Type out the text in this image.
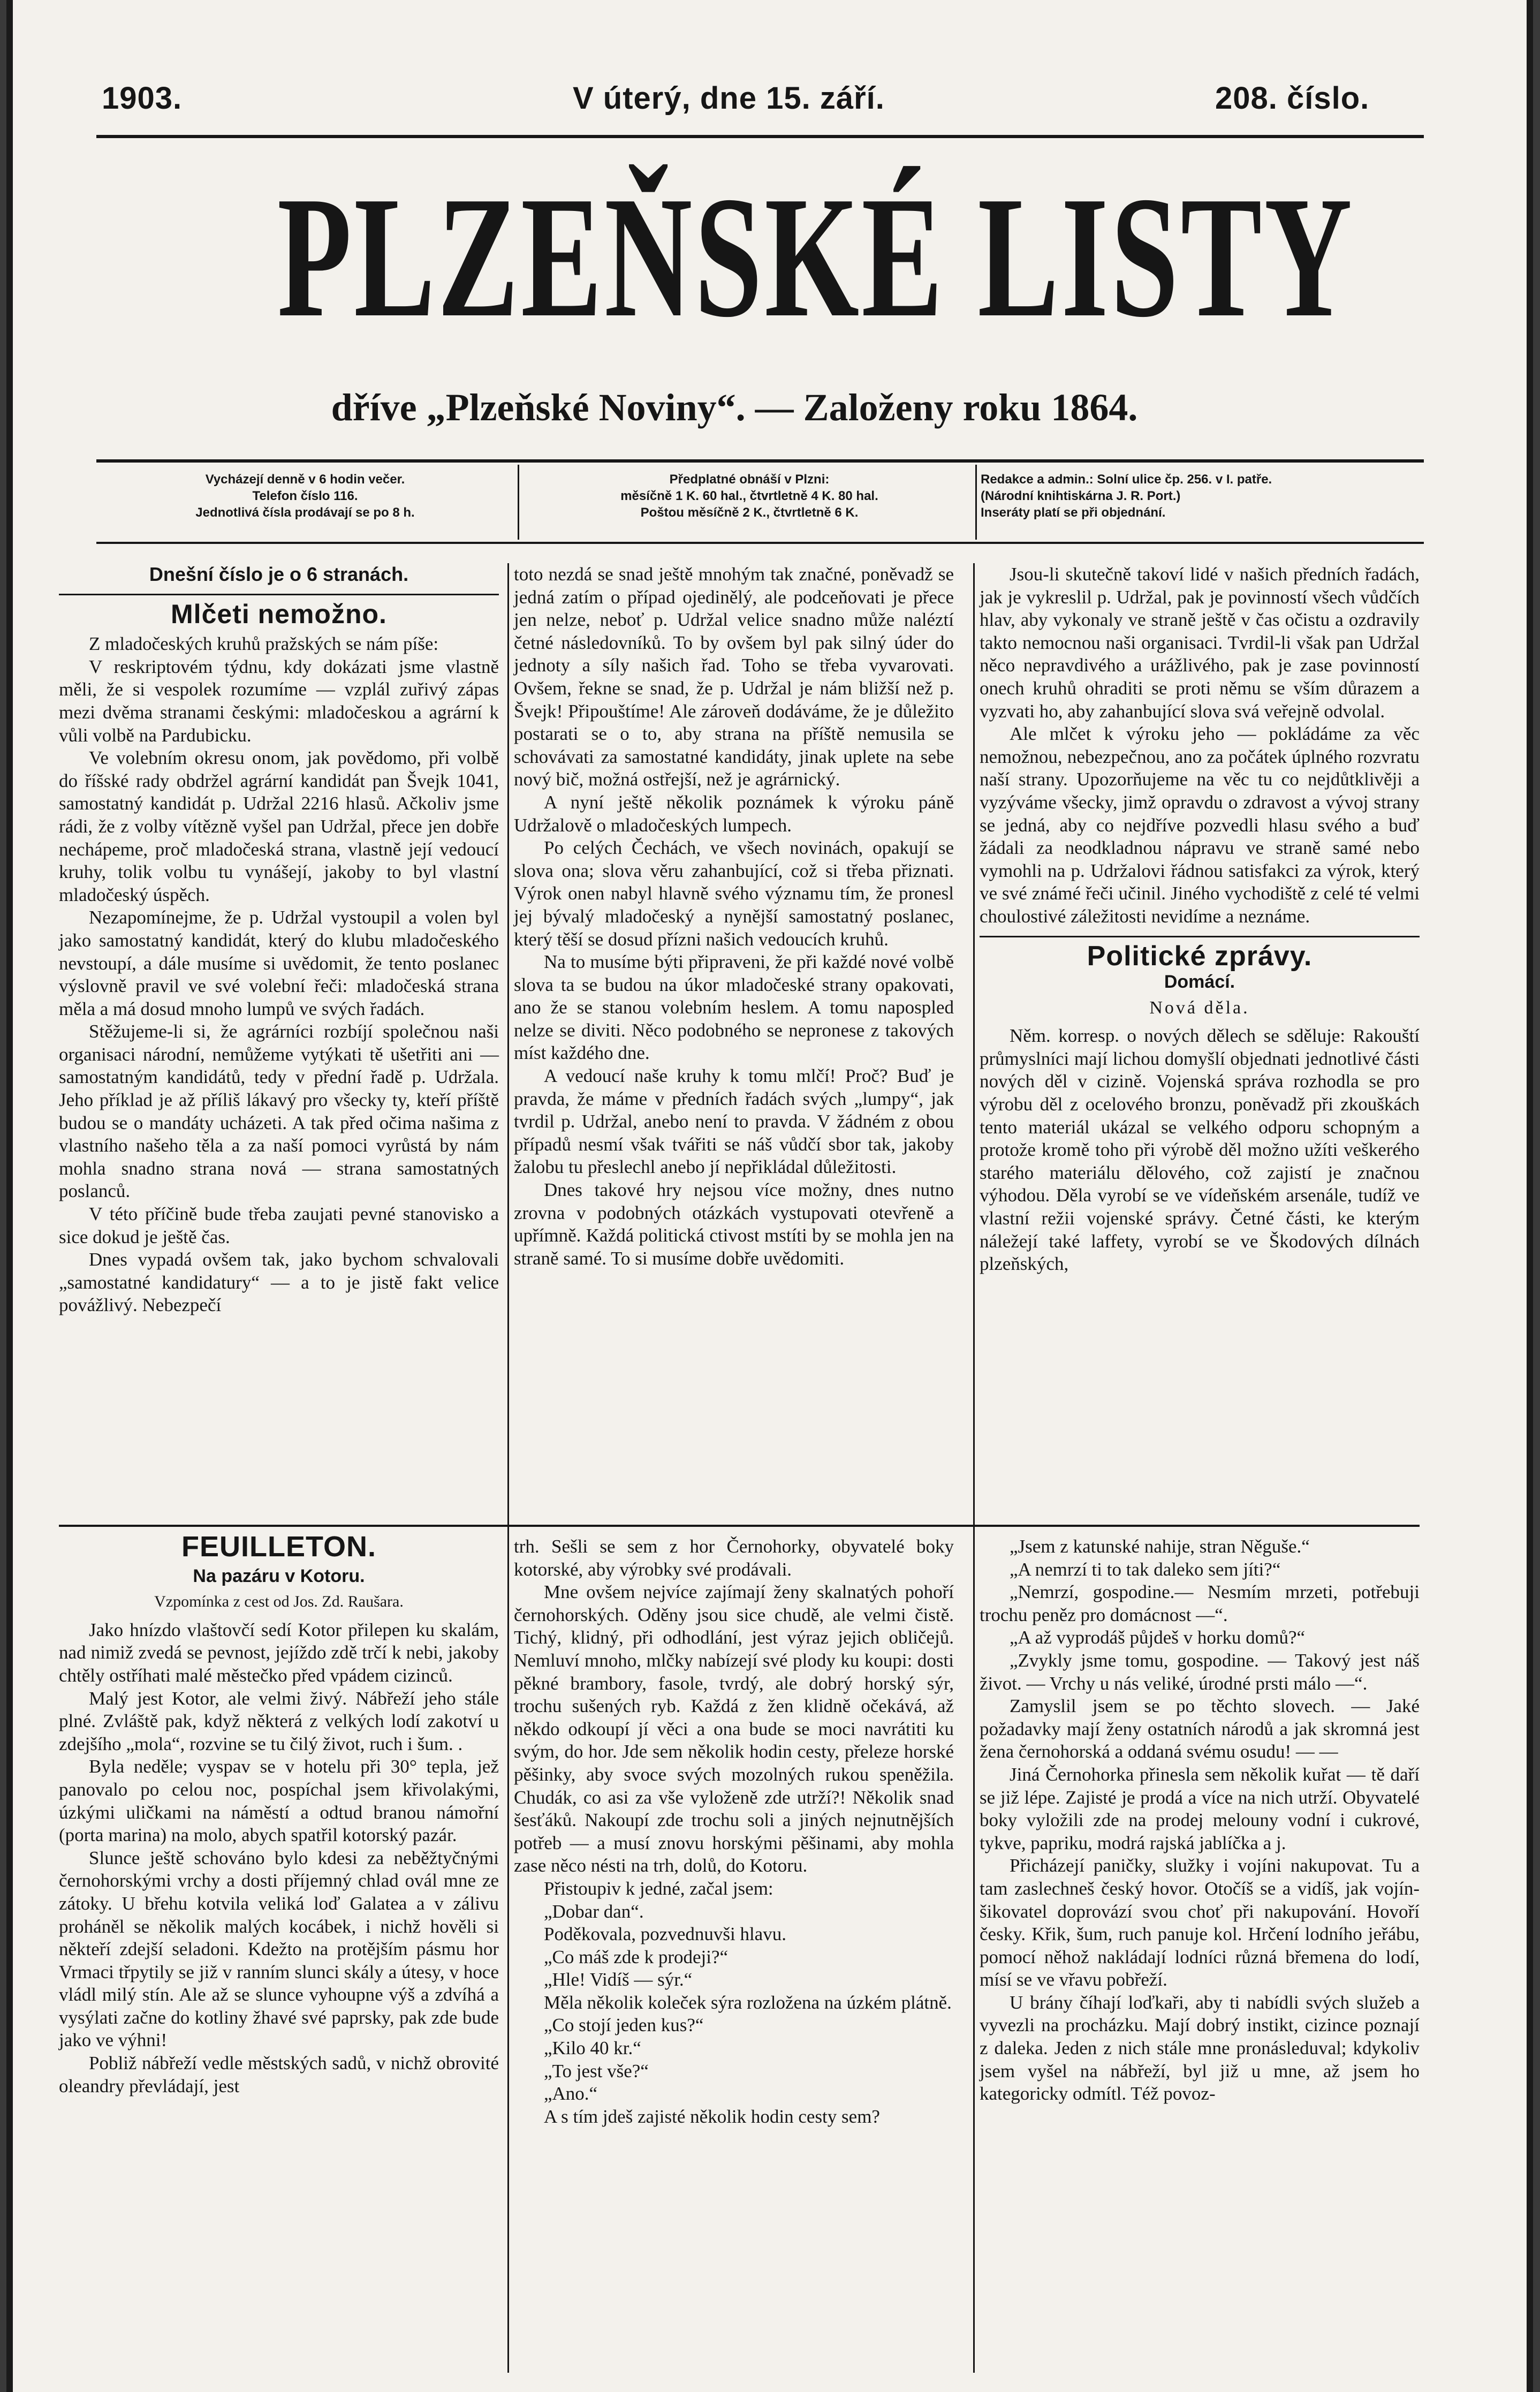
1903.	V úterý, dne 15. září.	208. číslo.
PLZEŇSKÉ LISTY
dříve „Plzeňské Noviny“. — Založeny roku 1864.
Vycházejí denně v 6 hodin večer.
Telefon číslo 116.
Jednotlivá čísla prodávají se po 8 h.
Předplatné obnáší v Plzni:
měsíčně 1 K. 60 hal., čtvrtletně 4 K. 80 hal.
Poštou měsíčně 2 K., čtvrtletně 6 K.
Redakce a admin.: Solní ulice čp. 256. v I. patře.
(Národní knihtiskárna J. R. Port.)
Inseráty platí se při objednání.
Dnešní číslo je o 6 stranách.
Mlčeti nemožno.

Z mladočeských kruhů pražských se nám píše:

V reskriptovém týdnu, kdy dokázati jsme vlastně měli, že si vespolek rozumíme — vzplál zuřivý zápas mezi dvěma stranami českými: mladočeskou a agrární k vůli volbě na Pardubicku.

Ve volebním okresu onom, jak povědomo, při volbě do říšské rady obdržel agrární kandidát pan Švejk 1041, samostatný kandidát p. Udržal 2216 hlasů. Ačkoliv jsme rádi, že z volby vítězně vyšel pan Udržal, přece jen dobře nechápeme, proč mladočeská strana, vlastně její vedoucí kruhy, tolik volbu tu vynášejí, jakoby to byl vlastní mladočeský úspěch.

Nezapomínejme, že p. Udržal vystoupil a volen byl jako samostatný kandidát, který do klubu mladočeského nevstoupí, a dále musíme si uvědomit, že tento poslanec výslovně pravil ve své volební řeči: mladočeská strana měla a má dosud mnoho lumpů ve svých řadách.

Stěžujeme-li si, že agrárníci rozbíjí společnou naši organisaci národní, nemůžeme vytýkati tě ušetřiti ani — samostatným kandidátů, tedy v přední řadě p. Udržala. Jeho příklad je až příliš lákavý pro všecky ty, kteří příště budou se o mandáty ucházeti. A tak před očima našima z vlastního našeho těla a za naší pomoci vyrůstá by nám mohla snadno strana nová — strana samostatných poslanců.

V této příčině bude třeba zaujati pevné stanovisko a sice dokud je ještě čas.

Dnes vypadá ovšem tak, jako bychom schvalovali „samostatné kandidatury“ — a to je jistě fakt velice povážlivý. Nebezpečí

toto nezdá se snad ještě mnohým tak značné, poněvadž se jedná zatím o případ ojedinělý, ale podceňovati je přece jen nelze, neboť p. Udržal velice snadno může naléztí četné následovníků. To by ovšem byl pak silný úder do jednoty a síly našich řad. Toho se třeba vyvarovati. Ovšem, řekne se snad, že p. Udržal je nám bližší než p. Švejk! Připouštíme! Ale zároveň dodáváme, že je důležito postarati se o to, aby strana na příště nemusila se schovávati za samostatné kandidáty, jinak uplete na sebe nový bič, možná ostřejší, než je agrárnický.

A nyní ještě několik poznámek k výroku páně Udržalově o mladočeských lumpech.

Po celých Čechách, ve všech novinách, opakují se slova ona; slova věru zahanbující, což si třeba přiznati. Výrok onen nabyl hlavně svého významu tím, že pronesl jej bývalý mladočeský a nynější samostatný poslanec, který těší se dosud přízni našich vedoucích kruhů.

Na to musíme býti připraveni, že při každé nové volbě slova ta se budou na úkor mladočeské strany opakovati, ano že se stanou volebním heslem. A tomu napospled nelze se diviti. Něco podobného se nepronese z takových míst každého dne.

A vedoucí naše kruhy k tomu mlčí! Proč? Buď je pravda, že máme v předních řadách svých „lumpy“, jak tvrdil p. Udržal, anebo není to pravda. V žádném z obou případů nesmí však tvářiti se náš vůdčí sbor tak, jakoby žalobu tu přeslechl anebo jí nepřikládal důležitosti.

Dnes takové hry nejsou více možny, dnes nutno zrovna v podobných otázkách vystupovati otevřeně a upřímně. Každá politická ctivost mstíti by se mohla jen na straně samé. To si musíme dobře uvědomiti.

Jsou-li skutečně takoví lidé v našich předních řadách, jak je vykreslil p. Udržal, pak je povinností všech vůdčích hlav, aby vykonaly ve straně ještě v čas očistu a ozdravily takto nemocnou naši organisaci. Tvrdil-li však pan Udržal něco nepravdivého a urážlivého, pak je zase povinností onech kruhů ohraditi se proti němu se vším důrazem a vyzvati ho, aby zahanbující slova svá veřejně odvolal.

Ale mlčet k výroku jeho — pokládáme za věc nemožnou, nebezpečnou, ano za počátek úplného rozvratu naší strany. Upozorňujeme na věc tu co nejdůtklivěji a vyzýváme všecky, jimž opravdu o zdravost a vývoj strany se jedná, aby co nejdříve pozvedli hlasu svého a buď žádali za neodkladnou nápravu ve straně samé nebo vymohli na p. Udržalovi řádnou satisfakci za výrok, který ve své známé řeči učinil. Jiného vychodiště z celé té velmi choulostivé záležitosti nevidíme a neznáme.

Politické zprávy.
Domácí.
Nová děla.

Něm. korresp. o nových dělech se sděluje: Rakouští průmyslníci mají lichou domyšlí objednati jednotlivé části nových děl v cizině. Vojenská správa rozhodla se pro výrobu děl z ocelového bronzu, poněvadž při zkouškách tento materiál ukázal se velkého odporu schopným a protože kromě toho při výrobě děl možno užíti veškerého starého materiálu dělového, což zajistí je značnou výhodou. Děla vyrobí se ve vídeňském arsenále, tudíž ve vlastní režii vojenské správy. Četné části, ke kterým náležejí také laffety, vyrobí se ve Škodových dílnách plzeňských,

FEUILLETON.
Na pazáru v Kotoru.
Vzpomínka z cest od Jos. Zd. Raušara.

Jako hnízdo vlaštovčí sedí Kotor přilepen ku skalám, nad nimiž zvedá se pevnost, jejíždo zdě trčí k nebi, jakoby chtěly ostříhati malé městečko před vpádem cizinců.

Malý jest Kotor, ale velmi živý. Nábřeží jeho stále plné. Zvláště pak, když některá z velkých lodí zakotví u zdejšího „mola“, rozvine se tu čilý život, ruch i šum. .

Byla neděle; vyspav se v hotelu při 30° tepla, jež panovalo po celou noc, pospíchal jsem křivolakými, úzkými uličkami na náměstí a odtud branou námořní (porta marina) na molo, abych spatřil kotorský pazár.

Slunce ještě schováno bylo kdesi za neběžtyčnými černohorskými vrchy a dosti příjemný chlad ovál mne ze zátoky. U břehu kotvila veliká loď Galatea a v zálivu proháněl se několik malých kocábek, i nichž hověli si někteří zdejší seladoni. Kdežto na protějším pásmu hor Vrmaci třpytily se již v ranním slunci skály a útesy, v hoce vládl milý stín. Ale až se slunce vyhoupne výš a zdvíhá a vysýlati začne do kotliny žhavé své paprsky, pak zde bude jako ve výhni!

Pobliž nábřeží vedle městských sadů, v nichž obrovité oleandry převládají, jest

trh. Sešli se sem z hor Černohorky, obyvatelé boky kotorské, aby výrobky své prodávali.

Mne ovšem nejvíce zajímají ženy skalnatých pohoří černohorských. Oděny jsou sice chudě, ale velmi čistě. Tichý, klidný, při odhodlání, jest výraz jejich obličejů. Nemluví mnoho, mlčky nabízejí své plody ku koupi: dosti pěkné brambory, fasole, tvrdý, ale dobrý horský sýr, trochu sušených ryb. Každá z žen klidně očekává, až někdo odkoupí jí věci a ona bude se moci navrátiti ku svým, do hor. Jde sem několik hodin cesty, přeleze horské pěšinky, aby svoce svých mozolných rukou speněžila. Chudák, co asi za vše vyloženě zde utrží?! Několik snad šesťáků. Nakoupí zde trochu soli a jiných nejnutnějších potřeb — a musí znovu horskými pěšinami, aby mohla zase něco nésti na trh, dolů, do Kotoru.

Přistoupiv k jedné, začal jsem:

„Dobar dan“.

Poděkovala, pozvednuvši hlavu.

„Co máš zde k prodeji?“

„Hle! Vidíš — sýr.“

Měla několik koleček sýra rozložena na úzkém plátně.

„Co stojí jeden kus?“

„Kilo 40 kr.“

„To jest vše?“

„Ano.“

A s tím jdeš zajisté několik hodin cesty sem?

„Jsem z katunské nahije, stran Něguše.“

„A nemrzí ti to tak daleko sem jíti?“

„Nemrzí, gospodine.— Nesmím mrzeti, potřebuji trochu peněz pro domácnost —“.

„A až vyprodáš půjdeš v horku domů?“

„Zvykly jsme tomu, gospodine. — Takový jest náš život. — Vrchy u nás veliké, úrodné prsti málo —“.

Zamyslil jsem se po těchto slovech. — Jaké požadavky mají ženy ostatních národů a jak skromná jest žena černohorská a oddaná svému osudu! — —

Jiná Černohorka přinesla sem několik kuřat — tě daří se již lépe. Zajisté je prodá a více na nich utrží. Obyvatelé boky vyložili zde na prodej melouny vodní i cukrové, tykve, papriku, modrá rajská jablíčka a j.

Přicházejí paničky, služky i vojíni nakupovat. Tu a tam zaslechneš český hovor. Otočíš se a vidíš, jak vojín-šikovatel doprovází svou choť při nakupování. Hovoří česky. Křik, šum, ruch panuje kol. Hrčení lodního jeřábu, pomocí něhož nakládají lodníci různá břemena do lodí, mísí se ve vřavu pobřeží.

U brány číhají loďkaři, aby ti nabídli svých služeb a vyvezli na procházku. Mají dobrý instikt, cizince poznají z daleka. Jeden z nich stále mne pronásleduval; kdykoliv jsem vyšel na nábřeží, byl již u mne, až jsem ho kategoricky odmítl. Též povoz-
